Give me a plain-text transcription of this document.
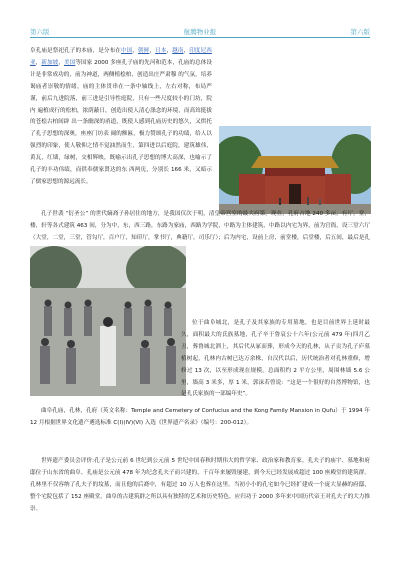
第六版	航腾物业报	第六版
阜孔庙是祭祀孔子的本庙，是分布在中国，朝鲜，日本，越南，印度尼西亚，新加坡，美国等国家 2000 多座孔子庙的先河和范本，孔庙的总体设计是非常成功的，前为神道，两侧植桧柏，创造出庄严肃穆 的气氛，培养谒庙者崇敬的情绪，庙的主体贯串在一条中轴线上，左右对称，布局严谨，前后九进院落，前三进是引导性庭院，只有一些尺度较小的门坊，院内 遍植成行的松柏，浓荫蔽日，创造出使人清心涤念的环境，而高耸挺拔的苍桧古柏间辟 出一条幽深的甬道，既使人感到孔庙历史的悠久，又烘托了孔子思想的深奥，座座门坊表 阔的额匾，极力赞颂孔子的功绩，给人以强烈的印象，使人敬仰之情不觉油然而生，第四进以后庭院，建筑雄伟，黄瓦，红墙，绿树，交相辉映，既喻示出孔子思想的博大高深，也喻示了孔子的丰功伟绩，而供奉儒家贤达的东 西两庑，分别长 166 米，又暗示了儒家思想的源远流长。
孔子世袭 “衍圣公” 的世代嫡裔子孙居住的地方，是我国仅次于明，清皇帝宫室的最大府第。现在，孔府占地 240 多亩，有厅，堂，楼，轩等各式建筑 463 间，分为中，东，西三路，东路为家庙，西路为学院，中路为主体建筑，中路以内宅为界，前为官衙，设三堂六厅（大堂，二堂，三堂，管勾厅，百户厅，知印厅，掌书厅，典籍厅，司乐厅）；后为内宅，设前上房，前堂楼，后堂楼，后五间，最后是孔
位于曲阜城北，是孔子及其家族的专用墓地，也是目前世界上延时最久，面积最大的氏族墓地，孔子卒于鲁哀公十六年(公元前 479 年)四月乙丑，葬鲁城北泗上，其后代从冢而葬，形成今天的孔林，从子贡为孔子庐墓植树起，孔林内古树已达万余株，自汉代以后，历代统治者对孔林重修，增修过 13 次，以至形成现在规模，总面积约 2 平方公里，周围林墙 5.6 公里，墙高 3 米多，厚 1 米，郭沫若曾说：“这是一个很好的自然博物馆，也是孔氏家族的一部编年史”。
曲阜孔庙，孔林，孔府（英文名称：Temple and Cemetery of Confucius and the Kong Family Mansion in Qufu）于 1994 年 12 月根据世界文化遗产遴选标准 C(I)(IV)(VI) 入选《世界遗产名录》（编号：200-012）。
世界遗产委员会评价:孔子是公元前 6 世纪到公元前 5 世纪中国春秋时期伟大的哲学家、政治家和教育家。孔夫子的庙宇、墓地和府邸位于山东省的曲阜。孔庙是公元前 478 年为纪念孔夫子而兴建的，千百年来屡毁屡建，到今天已经发展成超过 100 座殿堂的建筑群。孔林里不仅容纳了孔夫子的坟墓，而且他的后裔中，有超过 10 万人也葬在这里。当初小小的孔宅如今已经扩建成一个庞大显赫的府邸，整个宅院包括了 152 座殿堂。曲阜的古建筑群之所以具有独特的艺术和历史特色，应归功于 2000 多年来中国历代帝王对孔夫子的大力推崇。
